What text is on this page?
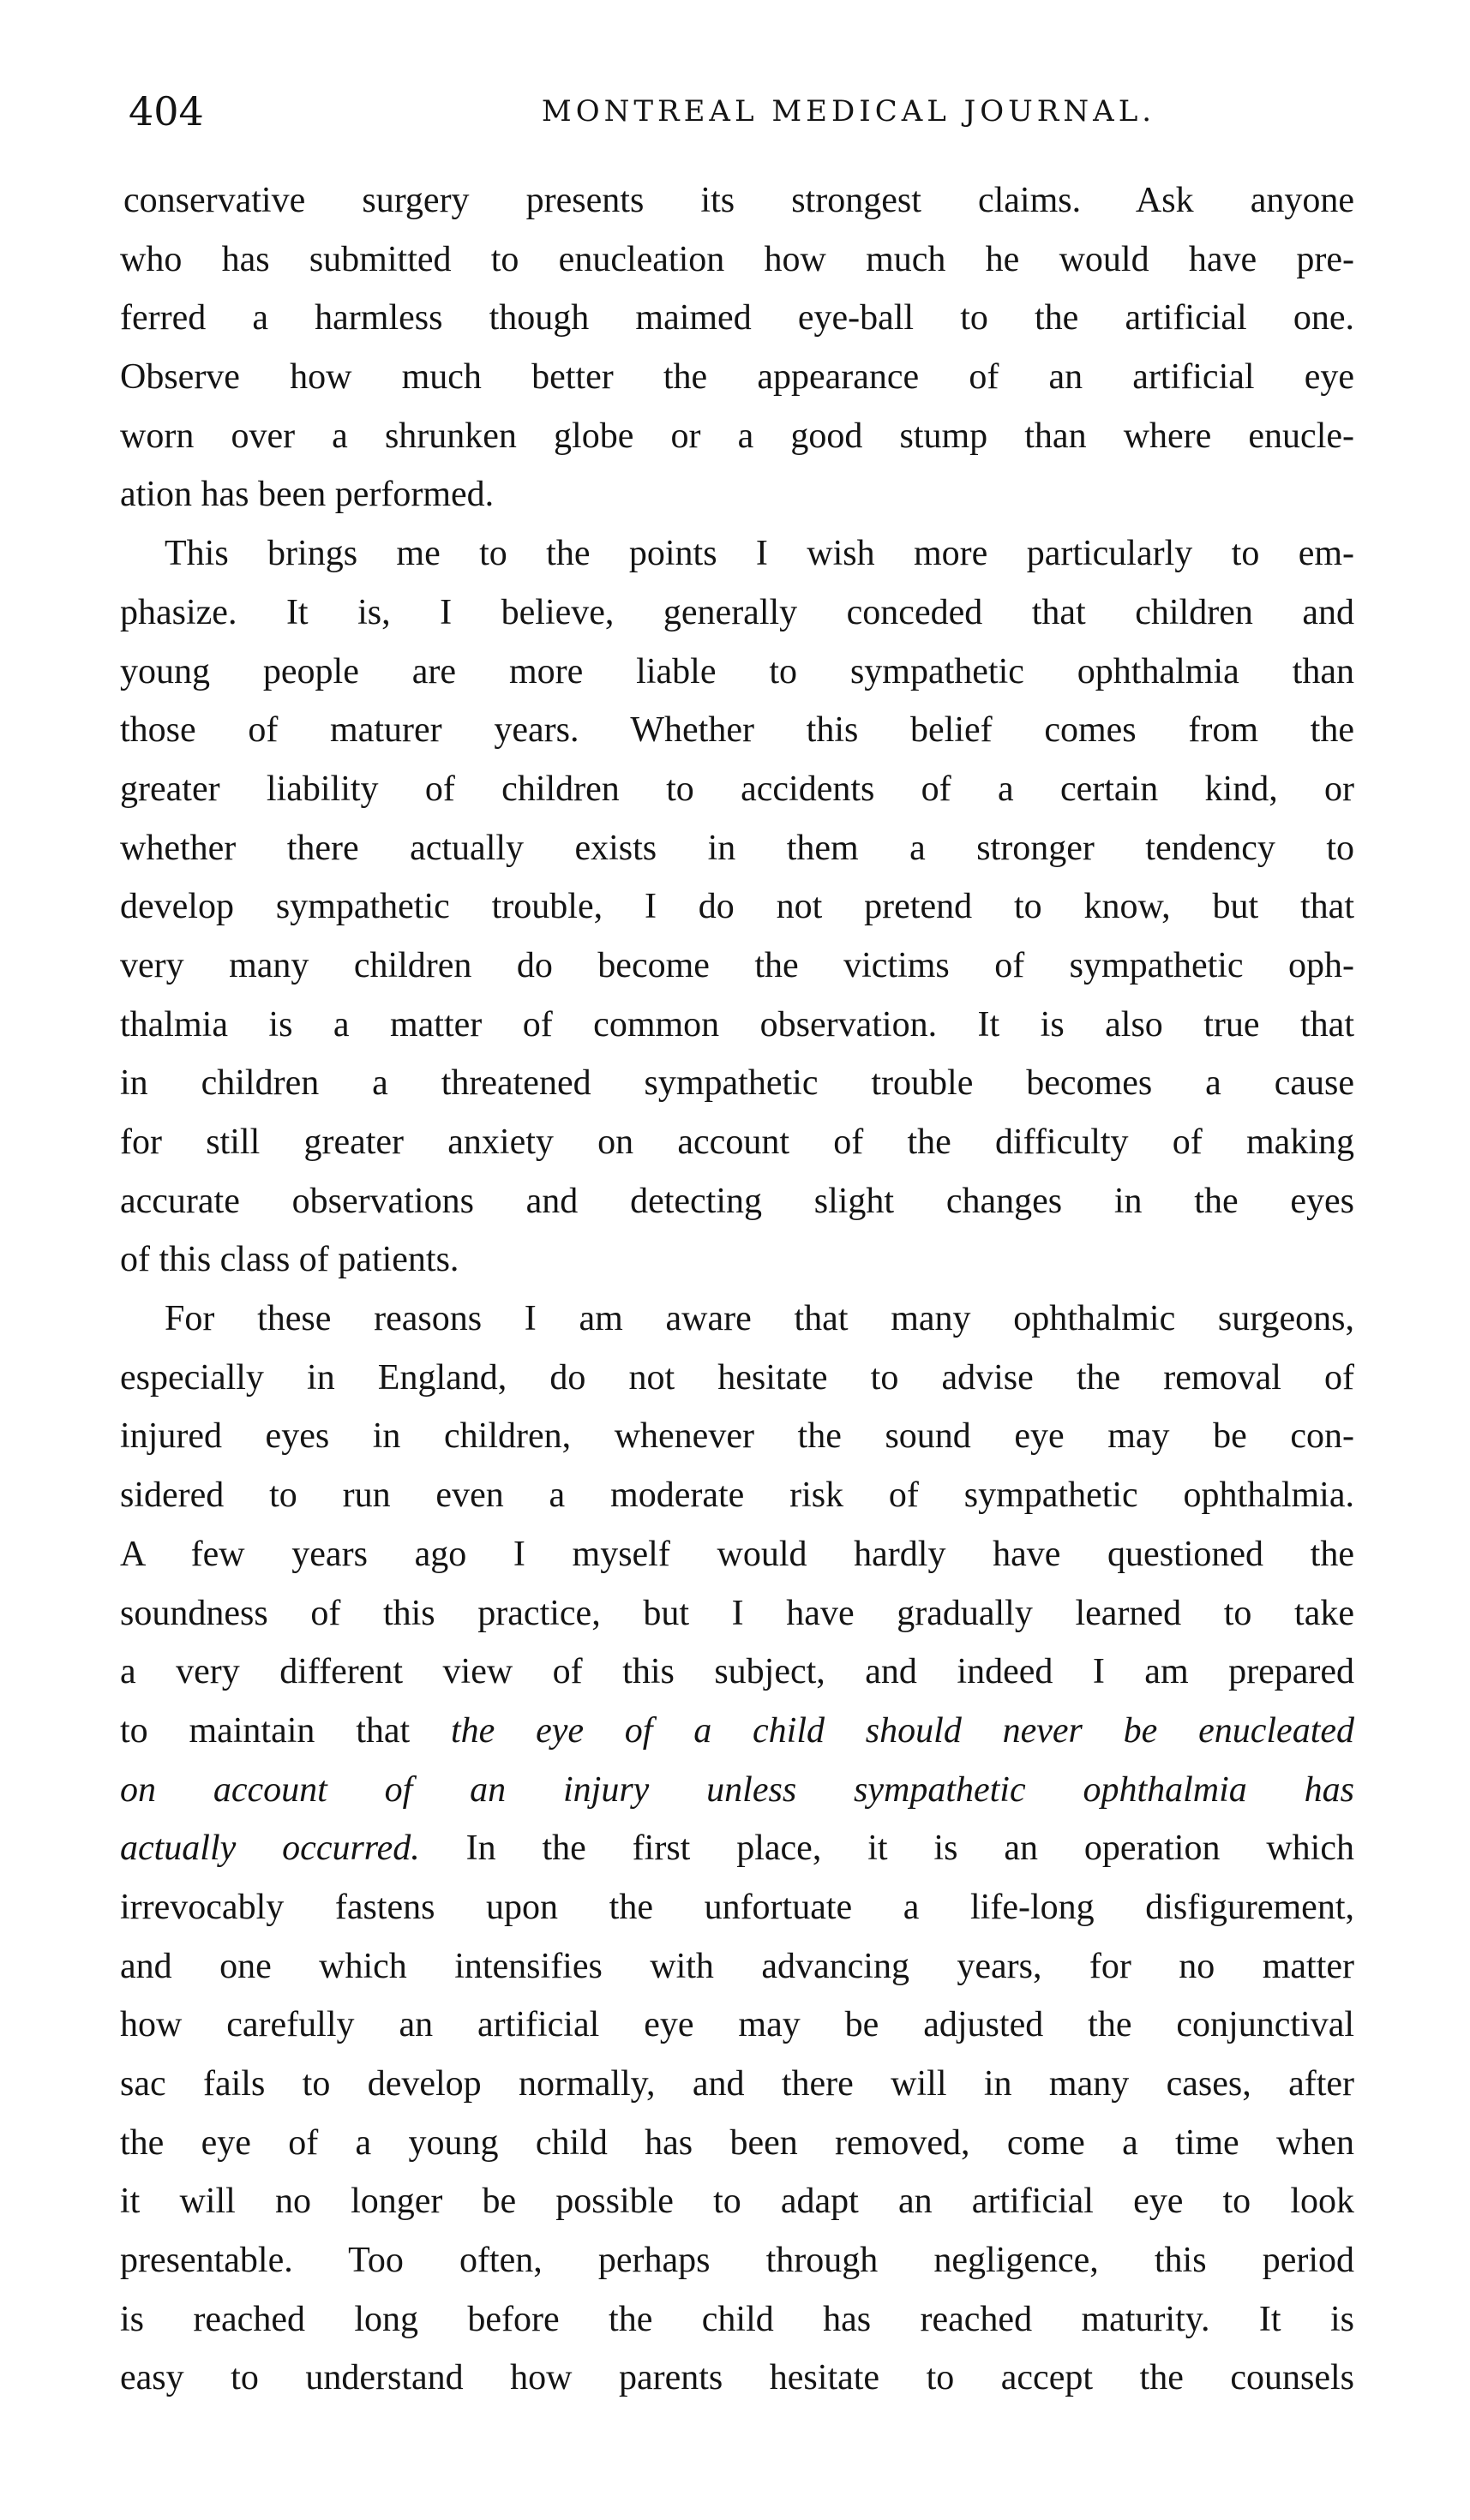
404	MONTREAL MEDICAL JOURNAL.
conservative surgery presents its strongest claims. Ask anyone
who has submitted to enucleation how much he would have pre-
ferred a harmless though maimed eye-ball to the artificial one.
Observe how much better the appearance of an artificial eye
worn over a shrunken globe or a good stump than where enucle-
ation has been performed.
This brings me to the points I wish more particularly to em-
phasize. It is, I believe, generally conceded that children and
young people are more liable to sympathetic ophthalmia than
those of maturer years. Whether this belief comes from the
greater liability of children to accidents of a certain kind, or
whether there actually exists in them a stronger tendency to
develop sympathetic trouble, I do not pretend to know, but that
very many children do become the victims of sympathetic oph-
thalmia is a matter of common observation. It is also true that
in children a threatened sympathetic trouble becomes a cause
for still greater anxiety on account of the difficulty of making
accurate observations and detecting slight changes in the eyes
of this class of patients.
For these reasons I am aware that many ophthalmic surgeons,
especially in England, do not hesitate to advise the removal of
injured eyes in children, whenever the sound eye may be con-
sidered to run even a moderate risk of sympathetic ophthalmia.
A few years ago I myself would hardly have questioned the
soundness of this practice, but I have gradually learned to take
a very different view of this subject, and indeed I am prepared
to maintain that the eye of a child should never be enucleated
on account of an injury unless sympathetic ophthalmia has
actually occurred. In the first place, it is an operation which
irrevocably fastens upon the unfortuate a life-long disfigurement,
and one which intensifies with advancing years, for no matter
how carefully an artificial eye may be adjusted the conjunctival
sac fails to develop normally, and there will in many cases, after
the eye of a young child has been removed, come a time when
it will no longer be possible to adapt an artificial eye to look
presentable. Too often, perhaps through negligence, this period
is reached long before the child has reached maturity. It is
easy to understand how parents hesitate to accept the counsels
